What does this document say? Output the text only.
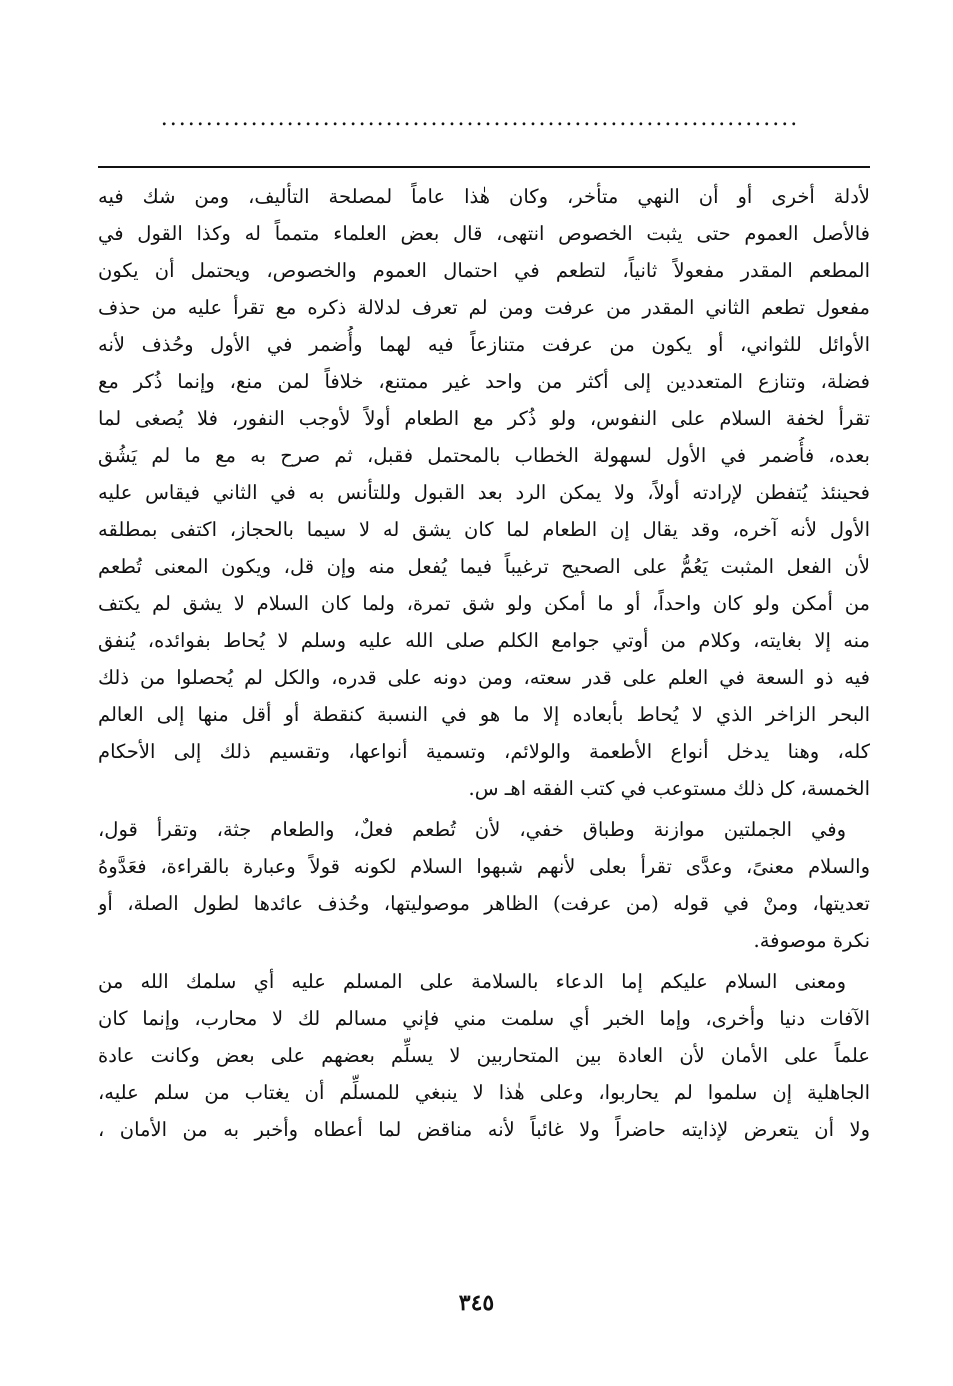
.......................................................................
لأدلة أخرى أو أن النهي متأخر، وكان هٰذا عاماً لمصلحة التأليف، ومن شك فيه
فالأصل العموم حتى يثبت الخصوص انتهى، قال بعض العلماء متمماً له وكذا القول في
المطعم المقدر مفعولاً ثانياً، لتطعم في احتمال العموم والخصوص، ويحتمل أن يكون
مفعول تطعم الثاني المقدر من عرفت ومن لم تعرف لدلالة ذكره مع تقرأ عليه من حذف
الأوائل للثواني، أو يكون من عرفت متنازعاً فيه لهما وأُضمر في الأول وحُذف لأنه
فضلة، وتنازع المتعددين إلى أكثر من واحد غير ممتنع، خلافاً لمن منع، وإنما ذُكر مع
تقرأ لخفة السلام على النفوس، ولو ذُكر مع الطعام أولاً لأوجب النفور، فلا يُصغى لما
بعده، فأُضمر في الأول لسهولة الخطاب بالمحتمل فقبل، ثم صرح به مع ما لم يَشُق
فحينئذ يُتفطن لإرادته أولاً، ولا يمكن الرد بعد القبول وللتأنس به في الثاني فيقاس عليه
الأول لأنه آخره، وقد يقال إن الطعام لما كان يشق له لا سيما بالحجاز، اكتفى بمطلقه
لأن الفعل المثبت يَعُمُّ على الصحيح ترغيباً فيما يُفعل منه وإن قل، ويكون المعنى تُطعم
من أمكن ولو كان واحداً، أو ما أمكن ولو شق تمرة، ولما كان السلام لا يشق لم يكتف
منه إلا بغايته، وكلام من أوتي جوامع الكلم صلى الله عليه وسلم لا يُحاط بفوائده، يُنفق
فيه ذو السعة في العلم على قدر سعته، ومن دونه على قدره، والكل لم يُحصلوا من ذلك
البحر الزاخر الذي لا يُحاط بأبعاده إلا ما هو في النسبة كنقطة أو أقل منها إلى العالم
كله، وهنا يدخل أنواع الأطعمة والولائم، وتسمية أنواعها، وتقسيم ذلك إلى الأحكام
الخمسة، كل ذلك مستوعب في كتب الفقه اهـ س.
وفي الجملتين موازنة وطباق خفي، لأن تُطعم فعلٌ، والطعام جثة، وتقرأ قول،
والسلام معنىً، وعدَّى تقرأ بعلى لأنهم شبهوا السلام لكونه قولاً وعبارة بالقراءة، فعَدَّوهُ
تعديتها، ومنْ في قوله (من عرفت) الظاهر موصوليتها، وحُذف عائدها لطول الصلة، أو
نكرة موصوفة.
ومعنى السلام عليكم إما الدعاء بالسلامة على المسلم عليه أي سلمك الله من
الآفات دنيا وأخرى، وإما الخبر أي سلمت مني فإني مسالم لك لا محارب، وإنما كان
علماً على الأمان لأن العادة بين المتحاربين لا يسلِّم بعضهم على بعض وكانت عادة
الجاهلية إن سلموا لم يحاربوا، وعلى هٰذا لا ينبغي للمسلِّم أن يغتاب من سلم عليه،
ولا أن يتعرض لإذايته حاضراً ولا غائباً لأنه مناقض لما أعطاه وأخبر به من الأمان ،
٣٤٥
